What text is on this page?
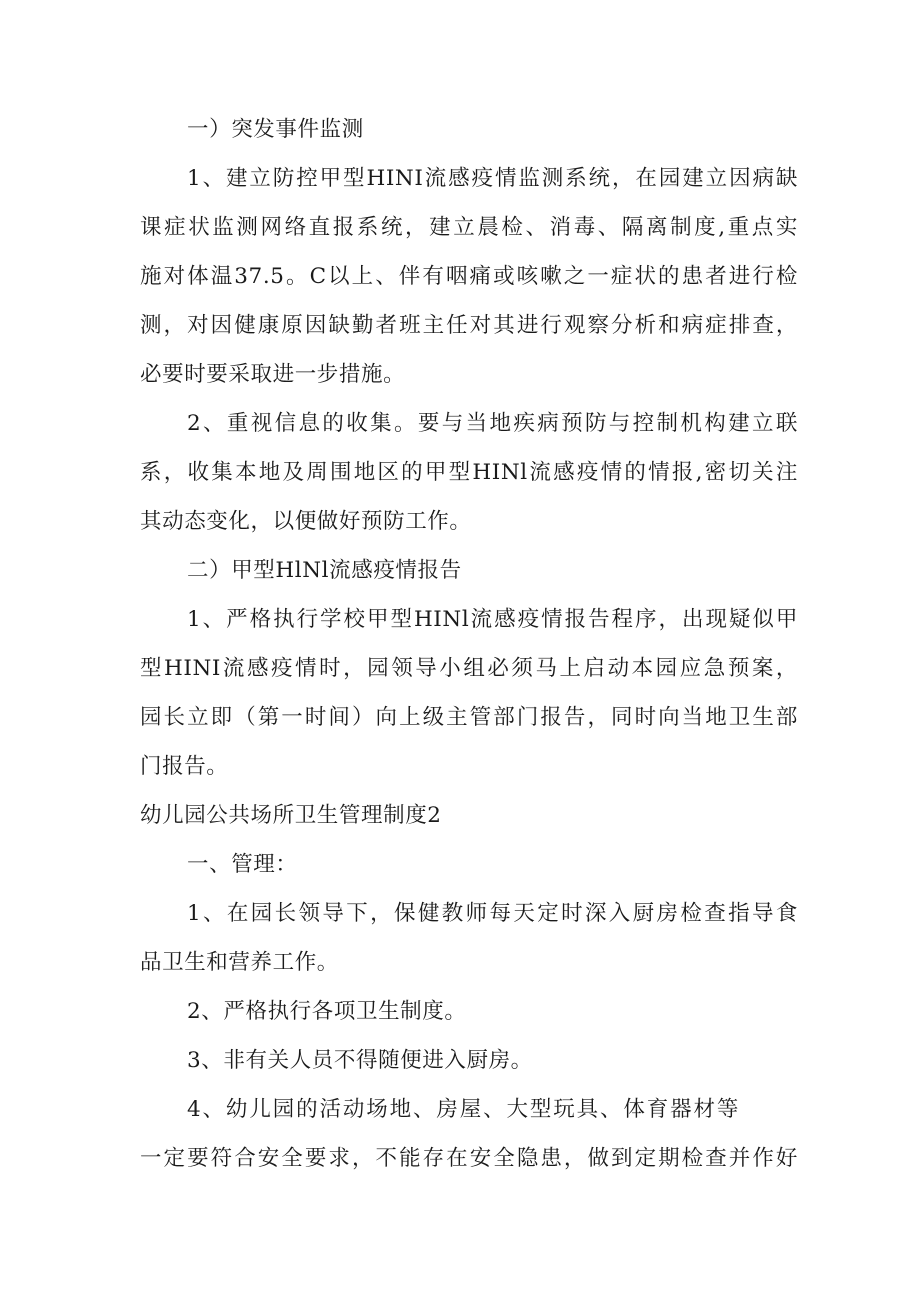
一）突发事件监测
1、建立防控甲型HINI流感疫情监测系统，在园建立因病缺
课症状监测网络直报系统，建立晨检、消毒、隔离制度,重点实
施对体温37.5。C以上、伴有咽痛或咳嗽之一症状的患者进行检
测，对因健康原因缺勤者班主任对其进行观察分析和病症排查，
必要时要采取进一步措施。
2、重视信息的收集。要与当地疾病预防与控制机构建立联
系，收集本地及周围地区的甲型HINl流感疫情的情报,密切关注
其动态变化，以便做好预防工作。
二）甲型HlNl流感疫情报告
1、严格执行学校甲型HINl流感疫情报告程序，出现疑似甲
型HINI流感疫情时，园领导小组必须马上启动本园应急预案，
园长立即（第一时间）向上级主管部门报告，同时向当地卫生部
门报告。
幼儿园公共场所卫生管理制度2
一、管理：
1、在园长领导下，保健教师每天定时深入厨房检查指导食
品卫生和营养工作。
2、严格执行各项卫生制度。
3、非有关人员不得随便进入厨房。
4、幼儿园的活动场地、房屋、大型玩具、体育器材等
一定要符合安全要求，不能存在安全隐患，做到定期检查并作好
